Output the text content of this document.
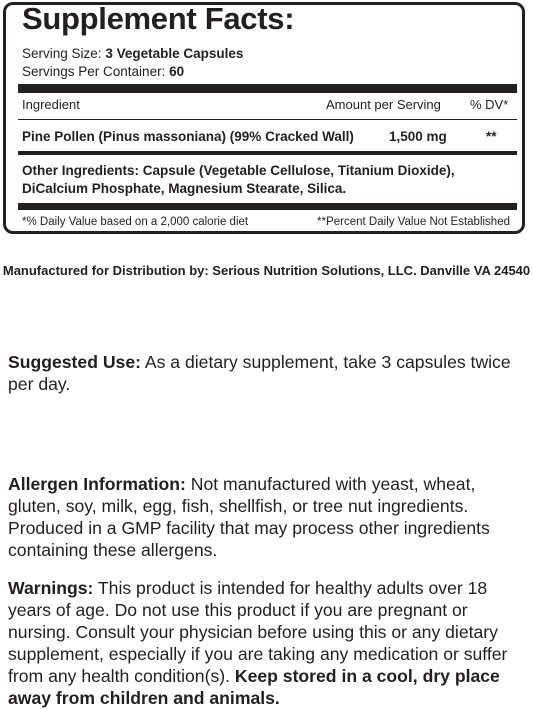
Supplement Facts:
Serving Size: 3 Vegetable Capsules
Servings Per Container: 60
Ingredient	Amount per Serving % DV*
Pine Pollen (Pinus massoniana) (99% Cracked Wall)	1,500 mg	**
Other Ingredients: Capsule (Vegetable Cellulose, Titanium Dioxide), DiCalcium Phosphate, Magnesium Stearate, Silica.
*% Daily Value based on a 2,000 calorie diet	**Percent Daily Value Not Established
Manufactured for Distribution by: Serious Nutrition Solutions, LLC. Danville VA 24540
Suggested Use: As a dietary supplement, take 3 capsules twice per day.
Allergen Information: Not manufactured with yeast, wheat, gluten, soy, milk, egg, fish, shellfish, or tree nut ingredients. Produced in a GMP facility that may process other ingredients containing these allergens.
Warnings: This product is intended for healthy adults over 18 years of age. Do not use this product if you are pregnant or nursing. Consult your physician before using this or any dietary supplement, especially if you are taking any medication or suffer from any health condition(s). Keep stored in a cool, dry place away from children and animals.
